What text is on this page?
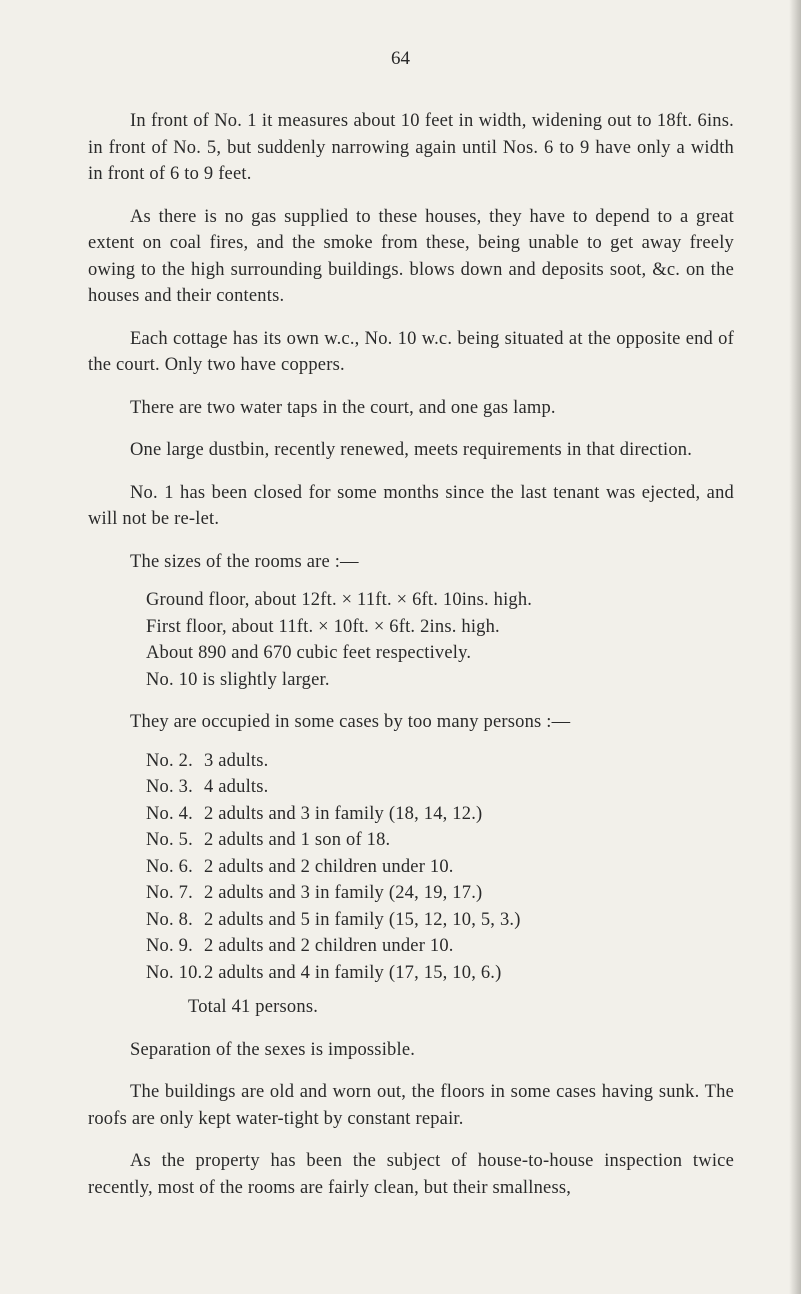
64

In front of No. 1 it measures about 10 feet in width, widening out to 18ft. 6ins. in front of No. 5, but suddenly narrowing again until Nos. 6 to 9 have only a width in front of 6 to 9 feet.

As there is no gas supplied to these houses, they have to depend to a great extent on coal fires, and the smoke from these, being unable to get away freely owing to the high surrounding buildings. blows down and deposits soot, &c. on the houses and their contents.

Each cottage has its own w.c., No. 10 w.c. being situated at the opposite end of the court. Only two have coppers.

There are two water taps in the court, and one gas lamp.

One large dustbin, recently renewed, meets requirements in that direction.

No. 1 has been closed for some months since the last tenant was ejected, and will not be re-let.

The sizes of the rooms are :—

Ground floor, about 12ft. × 11ft. × 6ft. 10ins. high.
First floor, about 11ft. × 10ft. × 6ft. 2ins. high.
About 890 and 670 cubic feet respectively.
No. 10 is slightly larger.

They are occupied in some cases by too many persons :—

No. 2. 3 adults.
No. 3. 4 adults.
No. 4. 2 adults and 3 in family (18, 14, 12.)
No. 5. 2 adults and 1 son of 18.
No. 6. 2 adults and 2 children under 10.
No. 7. 2 adults and 3 in family (24, 19, 17.)
No. 8. 2 adults and 5 in family (15, 12, 10, 5, 3.)
No. 9. 2 adults and 2 children under 10.
No. 10. 2 adults and 4 in family (17, 15, 10, 6.)
Total 41 persons.

Separation of the sexes is impossible.

The buildings are old and worn out, the floors in some cases having sunk. The roofs are only kept water-tight by constant repair.

As the property has been the subject of house-to-house inspection twice recently, most of the rooms are fairly clean, but their smallness,
